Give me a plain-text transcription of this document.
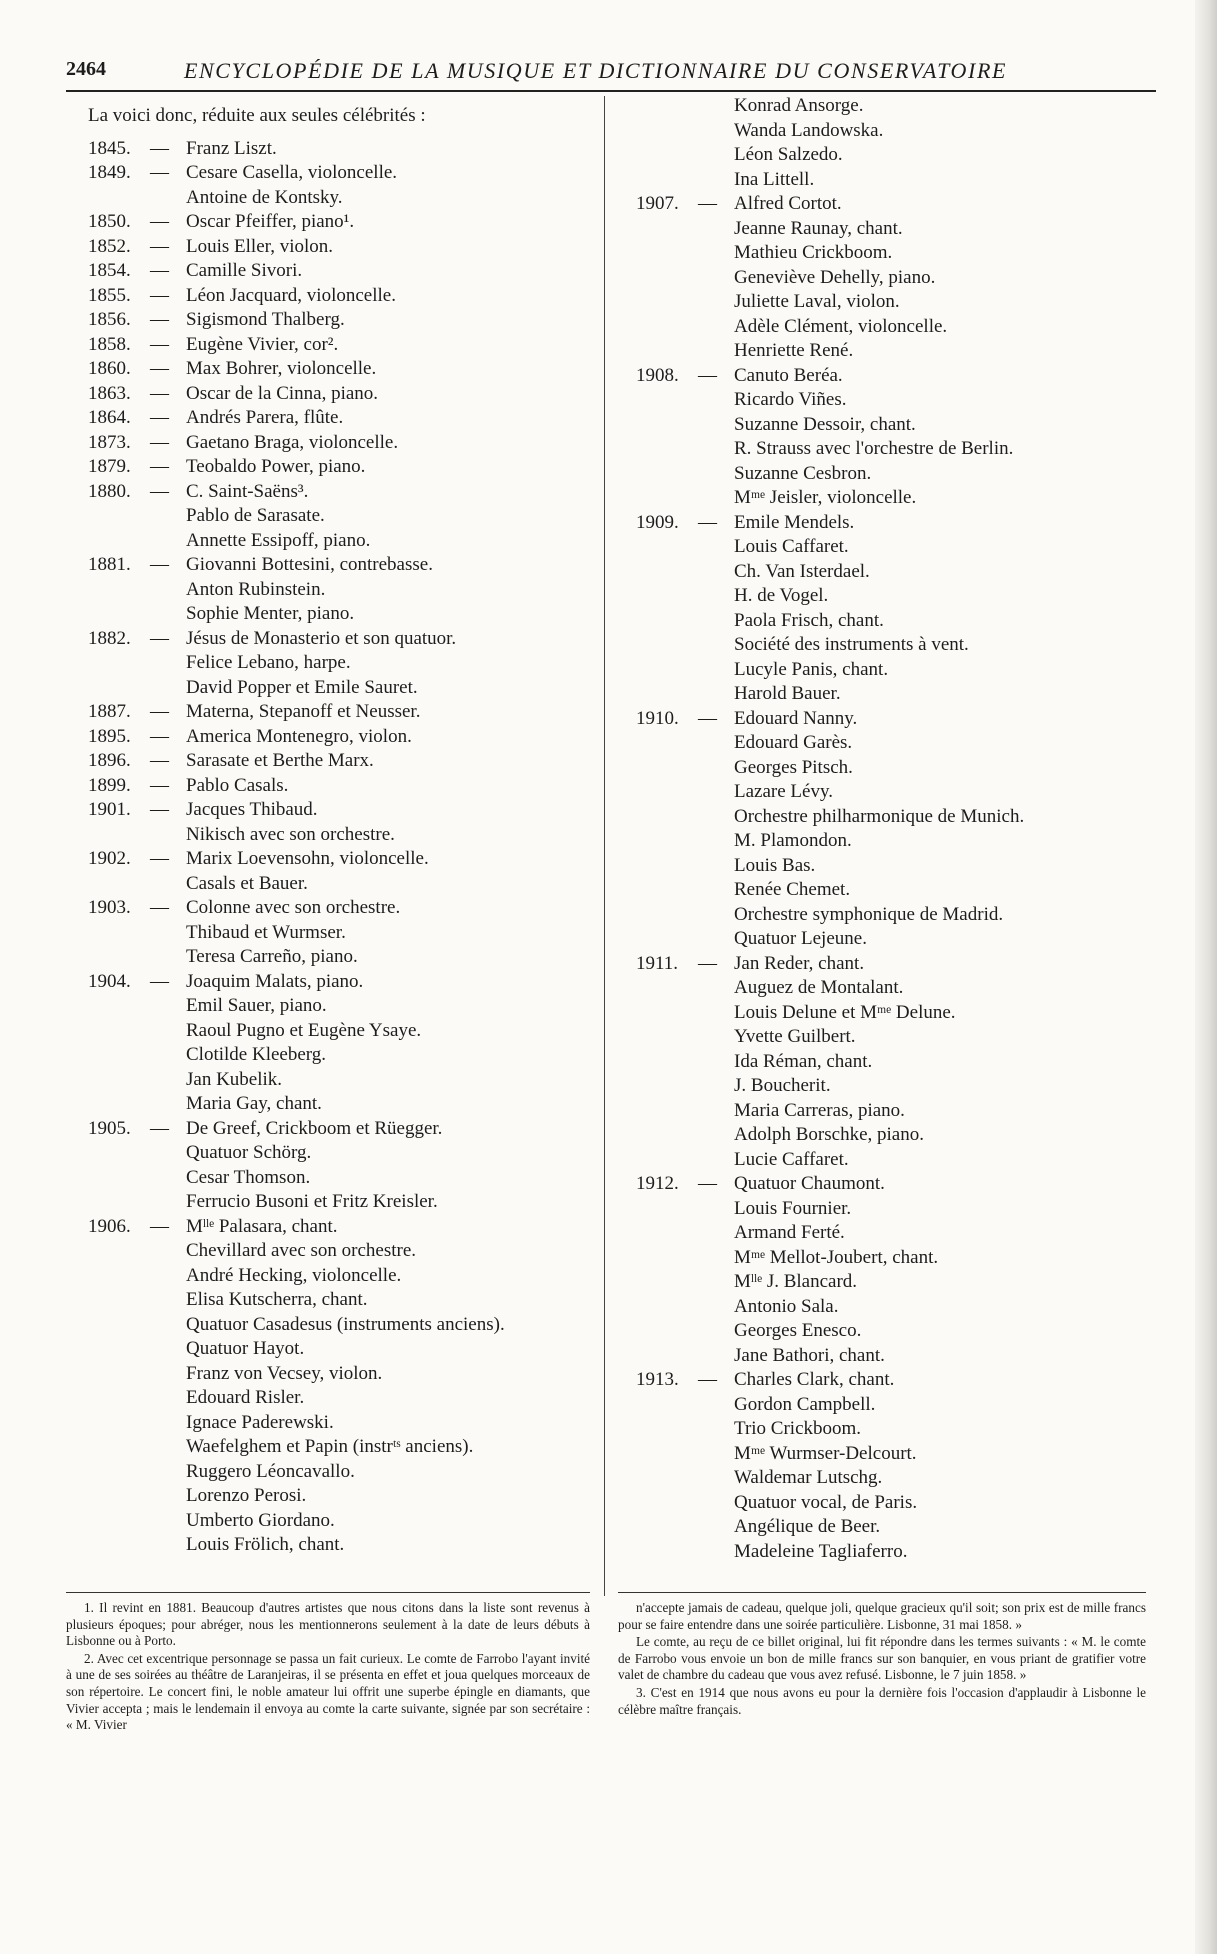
2464	ENCYCLOPÉDIE DE LA MUSIQUE ET DICTIONNAIRE DU CONSERVATOIRE
La voici donc, réduite aux seules célébrités :
1845.	— Franz Liszt.
1849.	— Cesare Casella, violoncelle.
Antoine de Kontsky.
1850.	— Oscar Pfeiffer, piano¹.
1852.	— Louis Eller, violon.
1854.	— Camille Sivori.
1855.	— Léon Jacquard, violoncelle.
1856.	— Sigismond Thalberg.
1858.	— Eugène Vivier, cor².
1860.	— Max Bohrer, violoncelle.
1863.	— Oscar de la Cinna, piano.
1864.	— Andrés Parera, flûte.
1873.	— Gaetano Braga, violoncelle.
1879.	— Teobaldo Power, piano.
1880.	— C. Saint-Saëns³.
Pablo de Sarasate.
Annette Essipoff, piano.
1881.	— Giovanni Bottesini, contrebasse.
Anton Rubinstein.
Sophie Menter, piano.
1882.	— Jésus de Monasterio et son quatuor.
Felice Lebano, harpe.
David Popper et Emile Sauret.
1887.	— Materna, Stepanoff et Neusser.
1895.	— America Montenegro, violon.
1896.	— Sarasate et Berthe Marx.
1899.	— Pablo Casals.
1901.	— Jacques Thibaud.
Nikisch avec son orchestre.
1902.	— Marix Loevensohn, violoncelle.
Casals et Bauer.
1903.	— Colonne avec son orchestre.
Thibaud et Wurmser.
Teresa Carreño, piano.
1904.	— Joaquim Malats, piano.
Emil Sauer, piano.
Raoul Pugno et Eugène Ysaye.
Clotilde Kleeberg.
Jan Kubelik.
Maria Gay, chant.
1905.	— De Greef, Crickboom et Rüegger.
Quatuor Schörg.
Cesar Thomson.
Ferrucio Busoni et Fritz Kreisler.
1906.	— Mˡˡᵉ Palasara, chant.
Chevillard avec son orchestre.
André Hecking, violoncelle.
Elisa Kutscherra, chant.
Quatuor Casadesus (instruments anciens).
Quatuor Hayot.
Franz von Vecsey, violon.
Edouard Risler.
Ignace Paderewski.
Waefelghem et Papin (instrᵗˢ anciens).
Ruggero Léoncavallo.
Lorenzo Perosi.
Umberto Giordano.
Louis Frölich, chant.
Konrad Ansorge.
Wanda Landowska.
Léon Salzedo.
Ina Littell.
1907.	— Alfred Cortot.
Jeanne Raunay, chant.
Mathieu Crickboom.
Geneviève Dehelly, piano.
Juliette Laval, violon.
Adèle Clément, violoncelle.
Henriette René.
1908.	— Canuto Beréa.
Ricardo Viñes.
Suzanne Dessoir, chant.
R. Strauss avec l'orchestre de Berlin.
Suzanne Cesbron.
Mᵐᵉ Jeisler, violoncelle.
1909.	— Emile Mendels.
Louis Caffaret.
Ch. Van Isterdael.
H. de Vogel.
Paola Frisch, chant.
Société des instruments à vent.
Lucyle Panis, chant.
Harold Bauer.
1910.	— Edouard Nanny.
Edouard Garès.
Georges Pitsch.
Lazare Lévy.
Orchestre philharmonique de Munich.
M. Plamondon.
Louis Bas.
Renée Chemet.
Orchestre symphonique de Madrid.
Quatuor Lejeune.
1911.	— Jan Reder, chant.
Auguez de Montalant.
Louis Delune et Mᵐᵉ Delune.
Yvette Guilbert.
Ida Réman, chant.
J. Boucherit.
Maria Carreras, piano.
Adolph Borschke, piano.
Lucie Caffaret.
1912.	— Quatuor Chaumont.
Louis Fournier.
Armand Ferté.
Mᵐᵉ Mellot-Joubert, chant.
Mˡˡᵉ J. Blancard.
Antonio Sala.
Georges Enesco.
Jane Bathori, chant.
1913.	— Charles Clark, chant.
Gordon Campbell.
Trio Crickboom.
Mᵐᵉ Wurmser-Delcourt.
Waldemar Lutschg.
Quatuor vocal, de Paris.
Angélique de Beer.
Madeleine Tagliaferro.

1. Il revint en 1881. Beaucoup d'autres artistes que nous citons dans la liste sont revenus à plusieurs époques; pour abréger, nous les mentionnerons seulement à la date de leurs débuts à Lisbonne ou à Porto.

2. Avec cet excentrique personnage se passa un fait curieux. Le comte de Farrobo l'ayant invité à une de ses soirées au théâtre de Laranjeiras, il se présenta en effet et joua quelques morceaux de son répertoire. Le concert fini, le noble amateur lui offrit une superbe épingle en diamants, que Vivier accepta ; mais le lendemain il envoya au comte la carte suivante, signée par son secrétaire : « M. Vivier

n'accepte jamais de cadeau, quelque joli, quelque gracieux qu'il soit; son prix est de mille francs pour se faire entendre dans une soirée particulière. Lisbonne, 31 mai 1858. »

Le comte, au reçu de ce billet original, lui fit répondre dans les termes suivants : « M. le comte de Farrobo vous envoie un bon de mille francs sur son banquier, en vous priant de gratifier votre valet de chambre du cadeau que vous avez refusé. Lisbonne, le 7 juin 1858. »

3. C'est en 1914 que nous avons eu pour la dernière fois l'occasion d'applaudir à Lisbonne le célèbre maître français.
